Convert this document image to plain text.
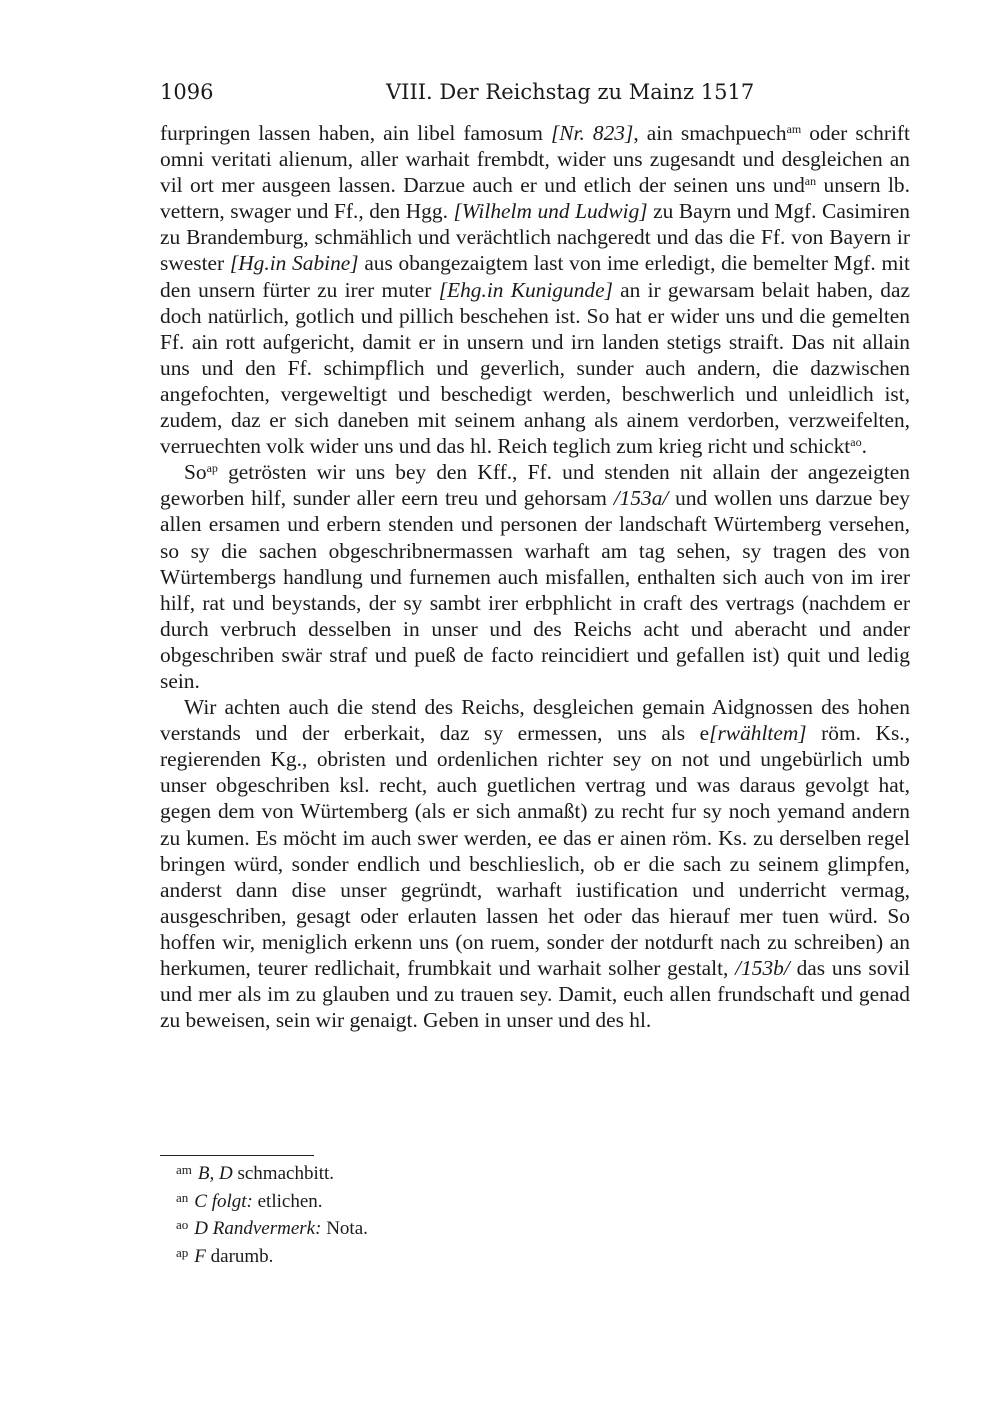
1096	VIII. Der Reichstag zu Mainz 1517

furpringen lassen haben, ain libel famosum [Nr. 823], ain smachpuech$^{am}$ oder schrift omni veritati alienum, aller warhait frembdt, wider uns zugesandt und desgleichen an vil ort mer ausgeen lassen. Darzue auch er und etlich der seinen uns und$^{an}$ unsern lb. vettern, swager und Ff., den Hgg. [Wilhelm und Ludwig] zu Bayrn und Mgf. Casimiren zu Brandemburg, schmählich und verächtlich nachgeredt und das die Ff. von Bayern ir swester [Hg.in Sabine] aus obangezaigtem last von ime erledigt, die bemelter Mgf. mit den unsern fürter zu irer muter [Ehg.in Kunigunde] an ir gewarsam belait haben, daz doch natürlich, gotlich und pillich beschehen ist. So hat er wider uns und die gemelten Ff. ain rott aufgericht, damit er in unsern und irn landen stetigs straift. Das nit allain uns und den Ff. schimpflich und geverlich, sunder auch andern, die dazwischen angefochten, vergeweltigt und beschedigt werden, beschwerlich und unleidlich ist, zudem, daz er sich daneben mit seinem anhang als ainem verdorben, verzweifelten, verruechten volk wider uns und das hl. Reich teglich zum krieg richt und schickt$^{ao}$.

$So^{ap}$ getrösten wir uns bey den Kff., Ff. und stenden nit allain der angezeigten geworben hilf, sunder aller eern treu und gehorsam /153a/ und wollen uns darzue bey allen ersamen und erbern stenden und personen der landschaft Würtemberg versehen, so sy die sachen obgeschribnermassen warhaft am tag sehen, sy tragen des von Würtembergs handlung und furnemen auch misfallen, enthalten sich auch von im irer hilf, rat und beystands, der sy sambt irer erbphlicht in craft des vertrags (nachdem er durch verbruch desselben in unser und des Reichs acht und aberacht und ander obgeschriben swär straf und pueß de facto reincidiert und gefallen ist) quit und ledig sein.

Wir achten auch die stend des Reichs, desgleichen gemain Aidgnossen des hohen verstands und der erberkait, daz sy ermessen, uns als e[rwähltem] röm. Ks., regierenden Kg., obristen und ordenlichen richter sey on not und ungebürlich umb unser obgeschriben ksl. recht, auch guetlichen vertrag und was daraus gevolgt hat, gegen dem von Würtemberg (als er sich anmaßt) zu recht fur sy noch yemand andern zu kumen. Es möcht im auch swer werden, ee das er ainen röm. Ks. zu derselben regel bringen würd, sonder endlich und beschlieslich, ob er die sach zu seinem glimpfen, anderst dann dise unser gegründt, warhaft iustification und underricht vermag, ausgeschriben, gesagt oder erlauten lassen het oder das hierauf mer tuen würd. So hoffen wir, meniglich erkenn uns (on ruem, sonder der notdurft nach zu schreiben) an herkumen, teurer redlichait, frumbkait und warhait solher gestalt, /153b/ das uns sovil und mer als im zu glauben und zu trauen sey. Damit, euch allen frundschaft und genad zu beweisen, sein wir genaigt. Geben in unser und des hl.

$^{am}$ B, D schmachbitt.
$^{an}$ C folgt: etlichen.
$^{ao}$ D Randvermerk: Nota.
$^{ap}$ F darumb.
